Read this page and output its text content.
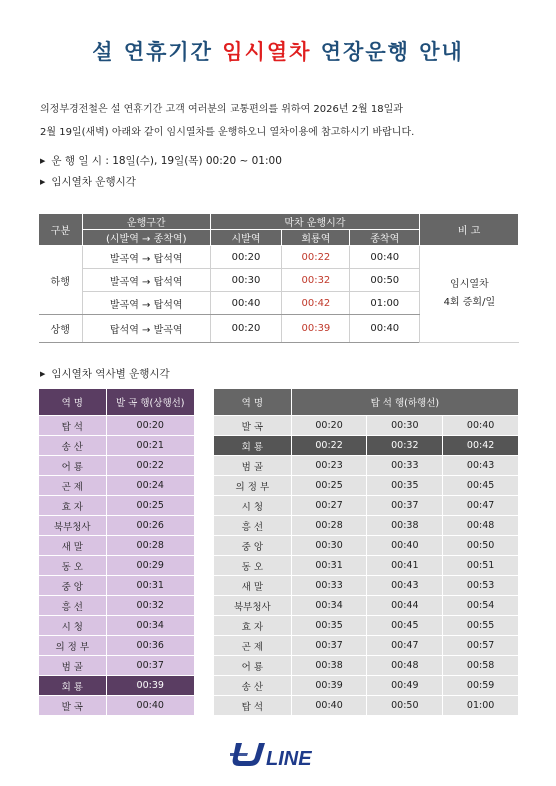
설 연휴기간 임시열차 연장운행 안내
의정부경전철은 설 연휴기간 고객 여러분의 교통편의를 위하여 2026년 2월 18일과
2월 19일(새벽) 아래와 같이 임시열차를 운행하오니 열차이용에 참고하시기 바랍니다.
▶ 운 행 일 시 : 18일(수), 19일(목) 00:20 ~ 01:00
▶ 임시열차 운행시각
구분	운행구간	막차 운행시각			비 고
	(시발역 → 종착역)	시발역	회룡역	종착역	
하행	발곡역 → 탑석역	00:20	00:22	00:40	임시열차
4회 증회/일

	발곡역 → 탑석역	00:30	00:32	00:50	
	발곡역 → 탑석역	00:40	00:42	01:00	
상행	탑석역 → 발곡역	00:20	00:39	00:40	
▶ 임시열차 역사별 운행시각
역 명	발 곡 행(상행선)
탑 석	00:20
송 산	00:21
어 룡	00:22
곤 제	00:24
효 자	00:25
북부청사	00:26
새 말	00:28
동 오	00:29
중 앙	00:31
흥 선	00:32
시 청	00:34
의 정 부	00:36
범 골	00:37
회 룡	00:39
발 곡	00:40
역 명	탑 석 행(하행선)		
발 곡	00:20	00:30	00:40
회 룡	00:22	00:32	00:42
범 골	00:23	00:33	00:43
의 정 부	00:25	00:35	00:45
시 청	00:27	00:37	00:47
흥 선	00:28	00:38	00:48
중 앙	00:30	00:40	00:50
동 오	00:31	00:41	00:51
새 말	00:33	00:43	00:53
북부청사	00:34	00:44	00:54
효 자	00:35	00:45	00:55
곤 제	00:37	00:47	00:57
어 룡	00:38	00:48	00:58
송 산	00:39	00:49	00:59
탑 석	00:40	00:50	01:00
LINE
